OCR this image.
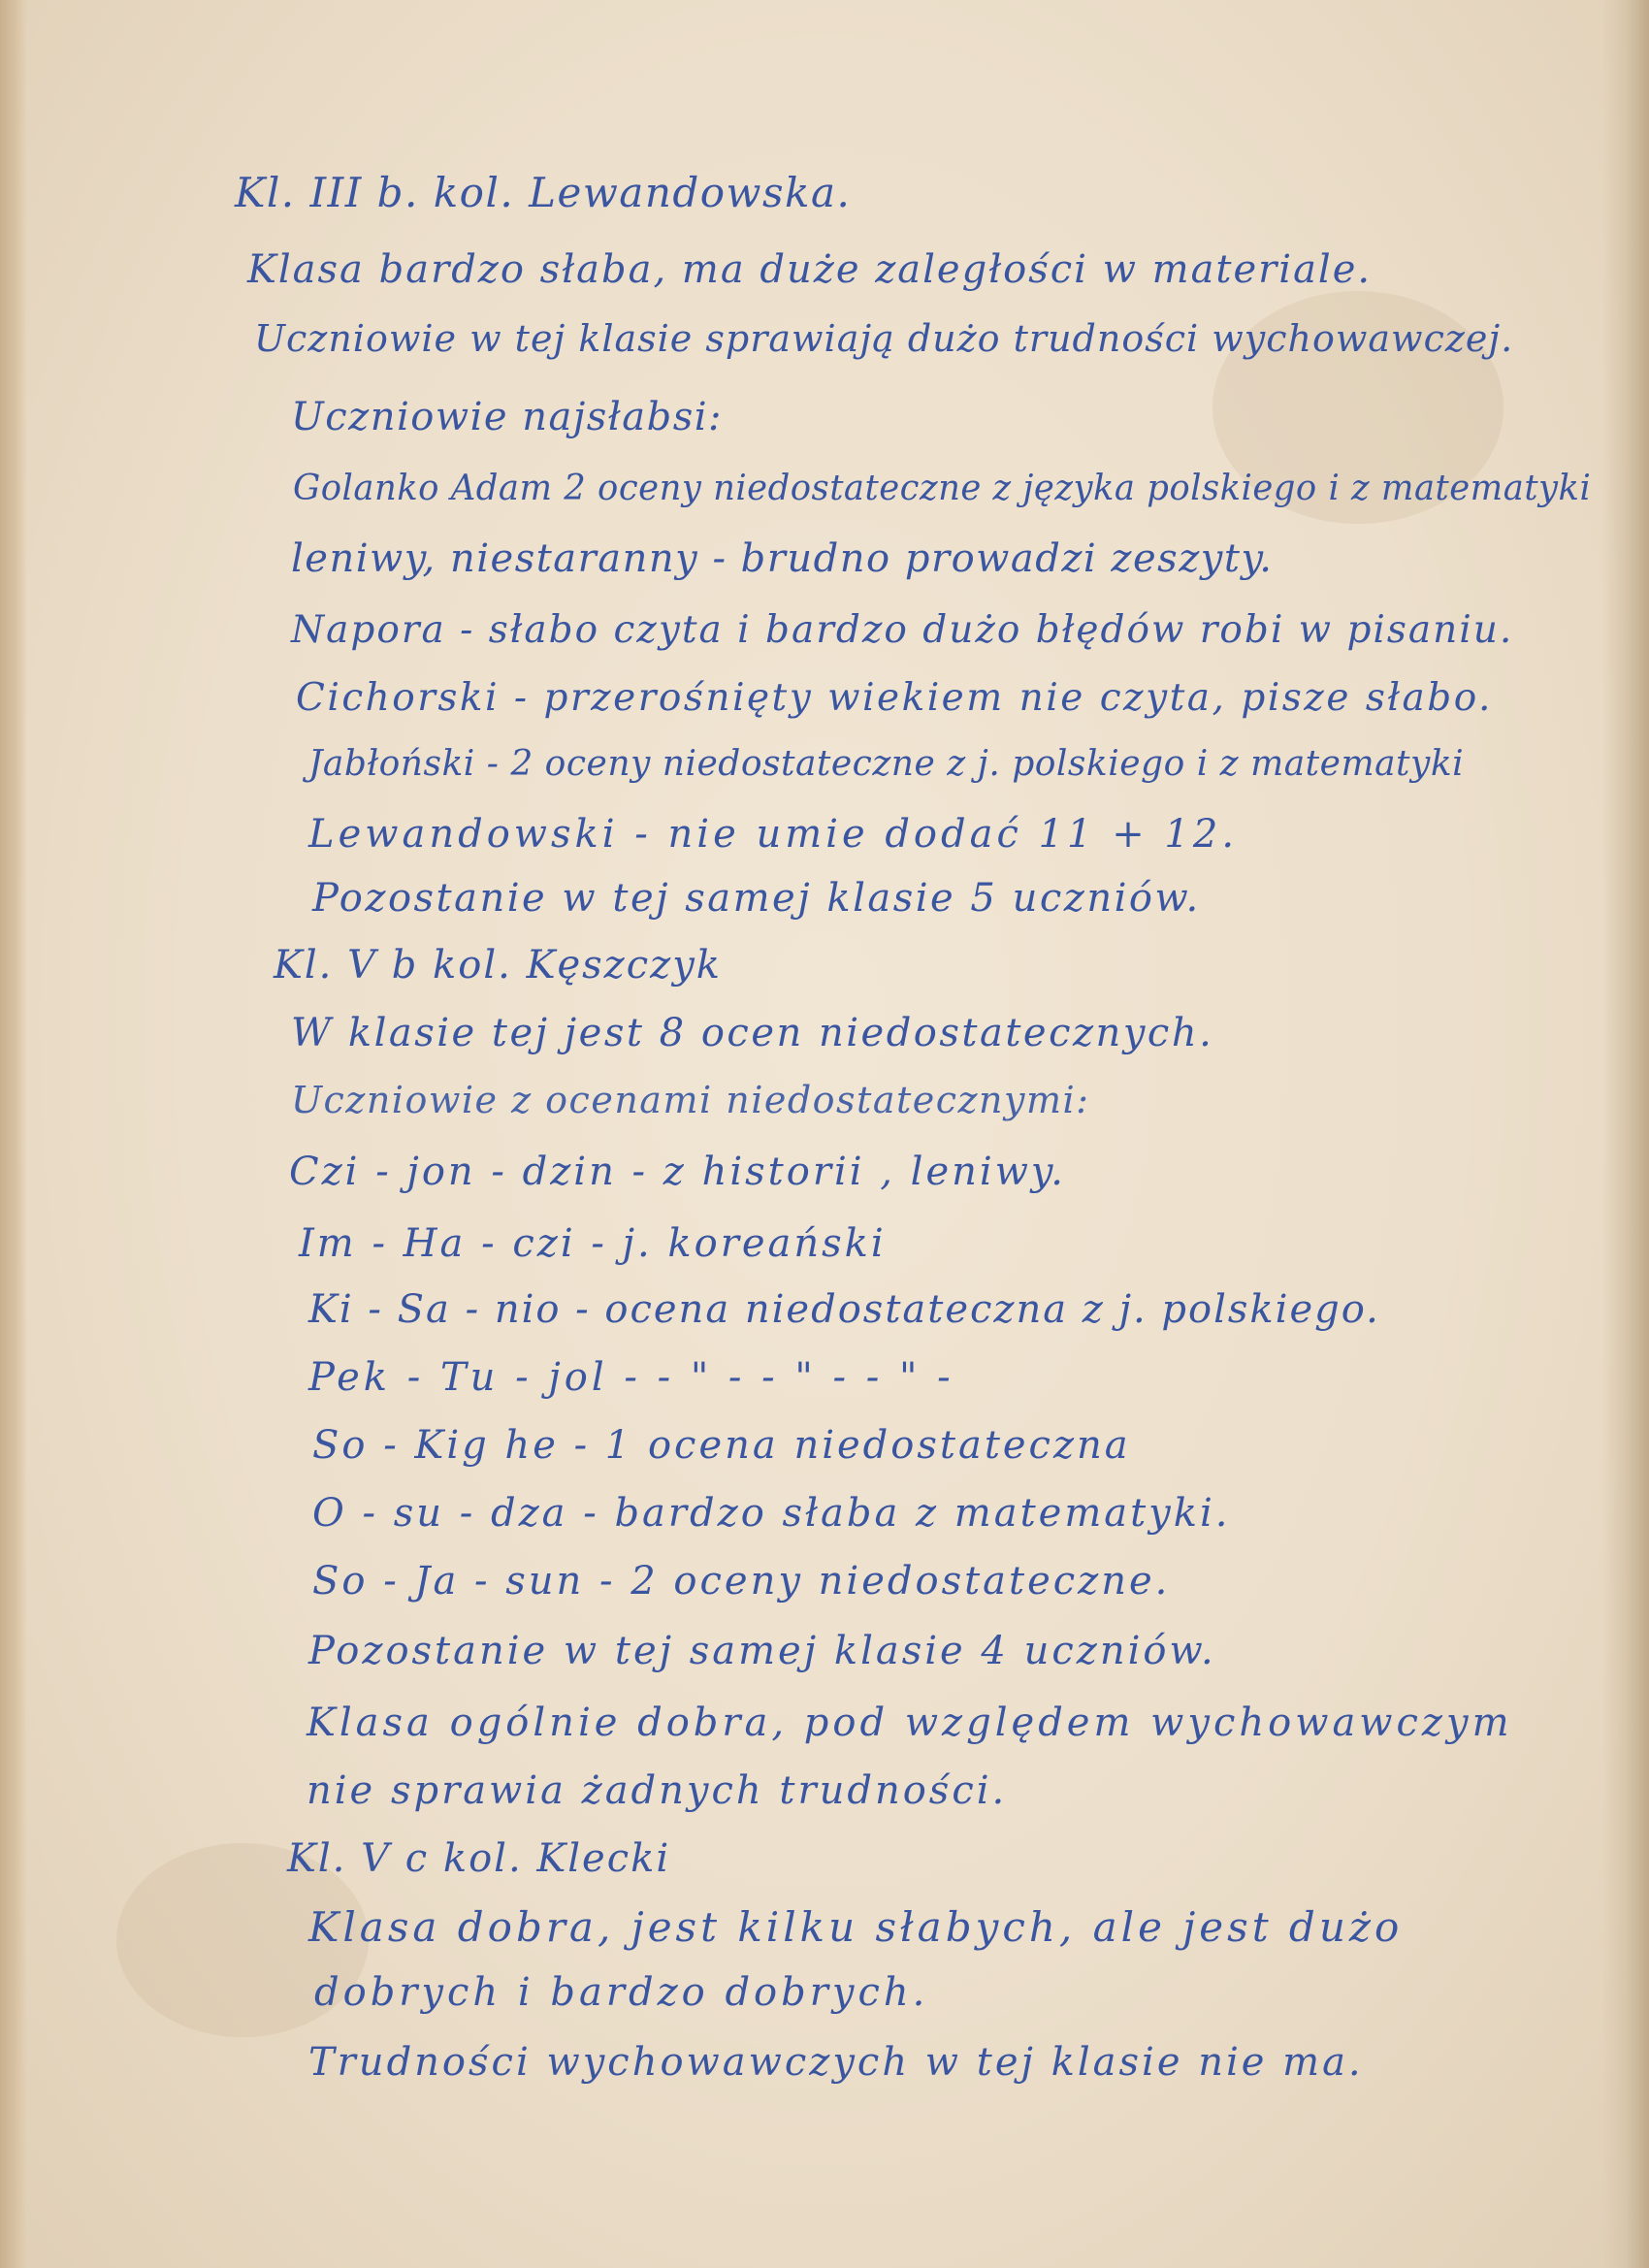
Kl. III b. kol. Lewandowska.
Klasa bardzo słaba, ma duże zaległości w materiale.
Uczniowie w tej klasie sprawiają dużo trudności wychowawczej.
Uczniowie najsłabsi:
Golanko Adam 2 oceny niedostateczne z języka polskiego i z matematyki
leniwy, niestaranny - brudno prowadzi zeszyty.
Napora - słabo czyta i bardzo dużo błędów robi w pisaniu.
Cichorski - przerośnięty wiekiem nie czyta, pisze słabo.
Jabłoński - 2 oceny niedostateczne z j. polskiego i z matematyki
Lewandowski - nie umie dodać 11 + 12.
Pozostanie w tej samej klasie 5 uczniów.
Kl. V b kol. Kęszczyk
W klasie tej jest 8 ocen niedostatecznych.
Uczniowie z ocenami niedostatecznymi:
Czi - jon - dzin - z historii , leniwy.
Im - Ha - czi - j. koreański
Ki - Sa - nio - ocena niedostateczna z j. polskiego.
Pek - Tu - jol - - " - - " - - " -
So - Kig he - 1 ocena niedostateczna
O - su - dza - bardzo słaba z matematyki.
So - Ja - sun - 2 oceny niedostateczne.
Pozostanie w tej samej klasie 4 uczniów.
Klasa ogólnie dobra, pod względem wychowawczym
nie sprawia żadnych trudności.
Kl. V c kol. Klecki
Klasa dobra, jest kilku słabych, ale jest dużo
dobrych i bardzo dobrych.
Trudności wychowawczych w tej klasie nie ma.
